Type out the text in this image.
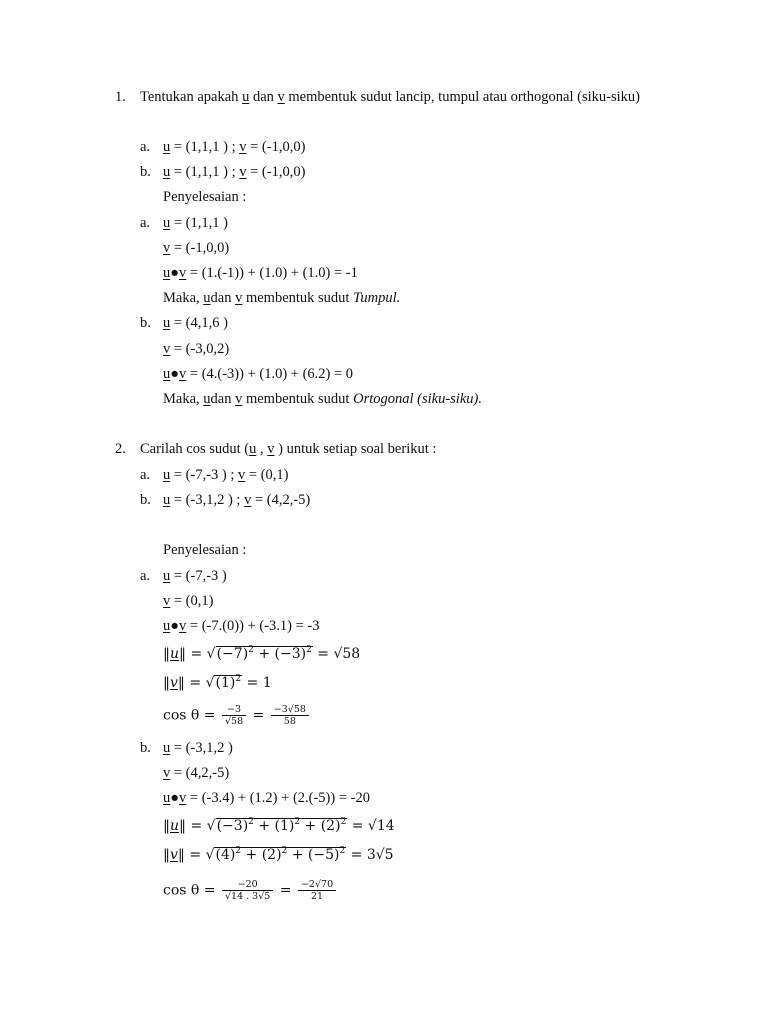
1. Tentukan apakah u dan v membentuk sudut lancip, tumpul atau orthogonal (siku-siku)
a. u = (1,1,1 ) ; v = (-1,0,0)
b. u = (1,1,1 ) ; v = (-1,0,0)
Penyelesaian :
a. u = (1,1,1 )
v = (-1,0,0)
u●v = (1.(-1)) + (1.0) + (1.0) = -1
Maka, udan v membentuk sudut Tumpul.
b. u = (4,1,6 )
v = (-3,0,2)
u●v = (4.(-3)) + (1.0) + (6.2) = 0
Maka, udan v membentuk sudut Ortogonal (siku-siku).
2. Carilah cos sudut (u , v ) untuk setiap soal berikut :
a. u = (-7,-3 ) ; v = (0,1)
b. u = (-3,1,2 ) ; v = (4,2,-5)
Penyelesaian :
a. u = (-7,-3 )
v = (0,1)
u●v = (-7.(0)) + (-3.1) = -3
‖u‖ = $√(-7)^2 + (-3)^2 = √58$
‖v‖ = $√(1)^2 = 1$
$\cos \theta = \frac{-3}{√58} = \frac{-3√58}{58}$
b. u = (-3,1,2 )
v = (4,2,-5)
u●v = (-3.4) + (1.2) + (2.(-5)) = -20
‖u‖ = $√(-3)^2 + (1)^2 + (2)^2 = √14$
‖v‖ = $√(4)^2 + (2)^2 + (-5)^2 = 3√5$
$\cos \theta = \frac{-20}{√14 . 3√5} = \frac{-2√70}{21}$
